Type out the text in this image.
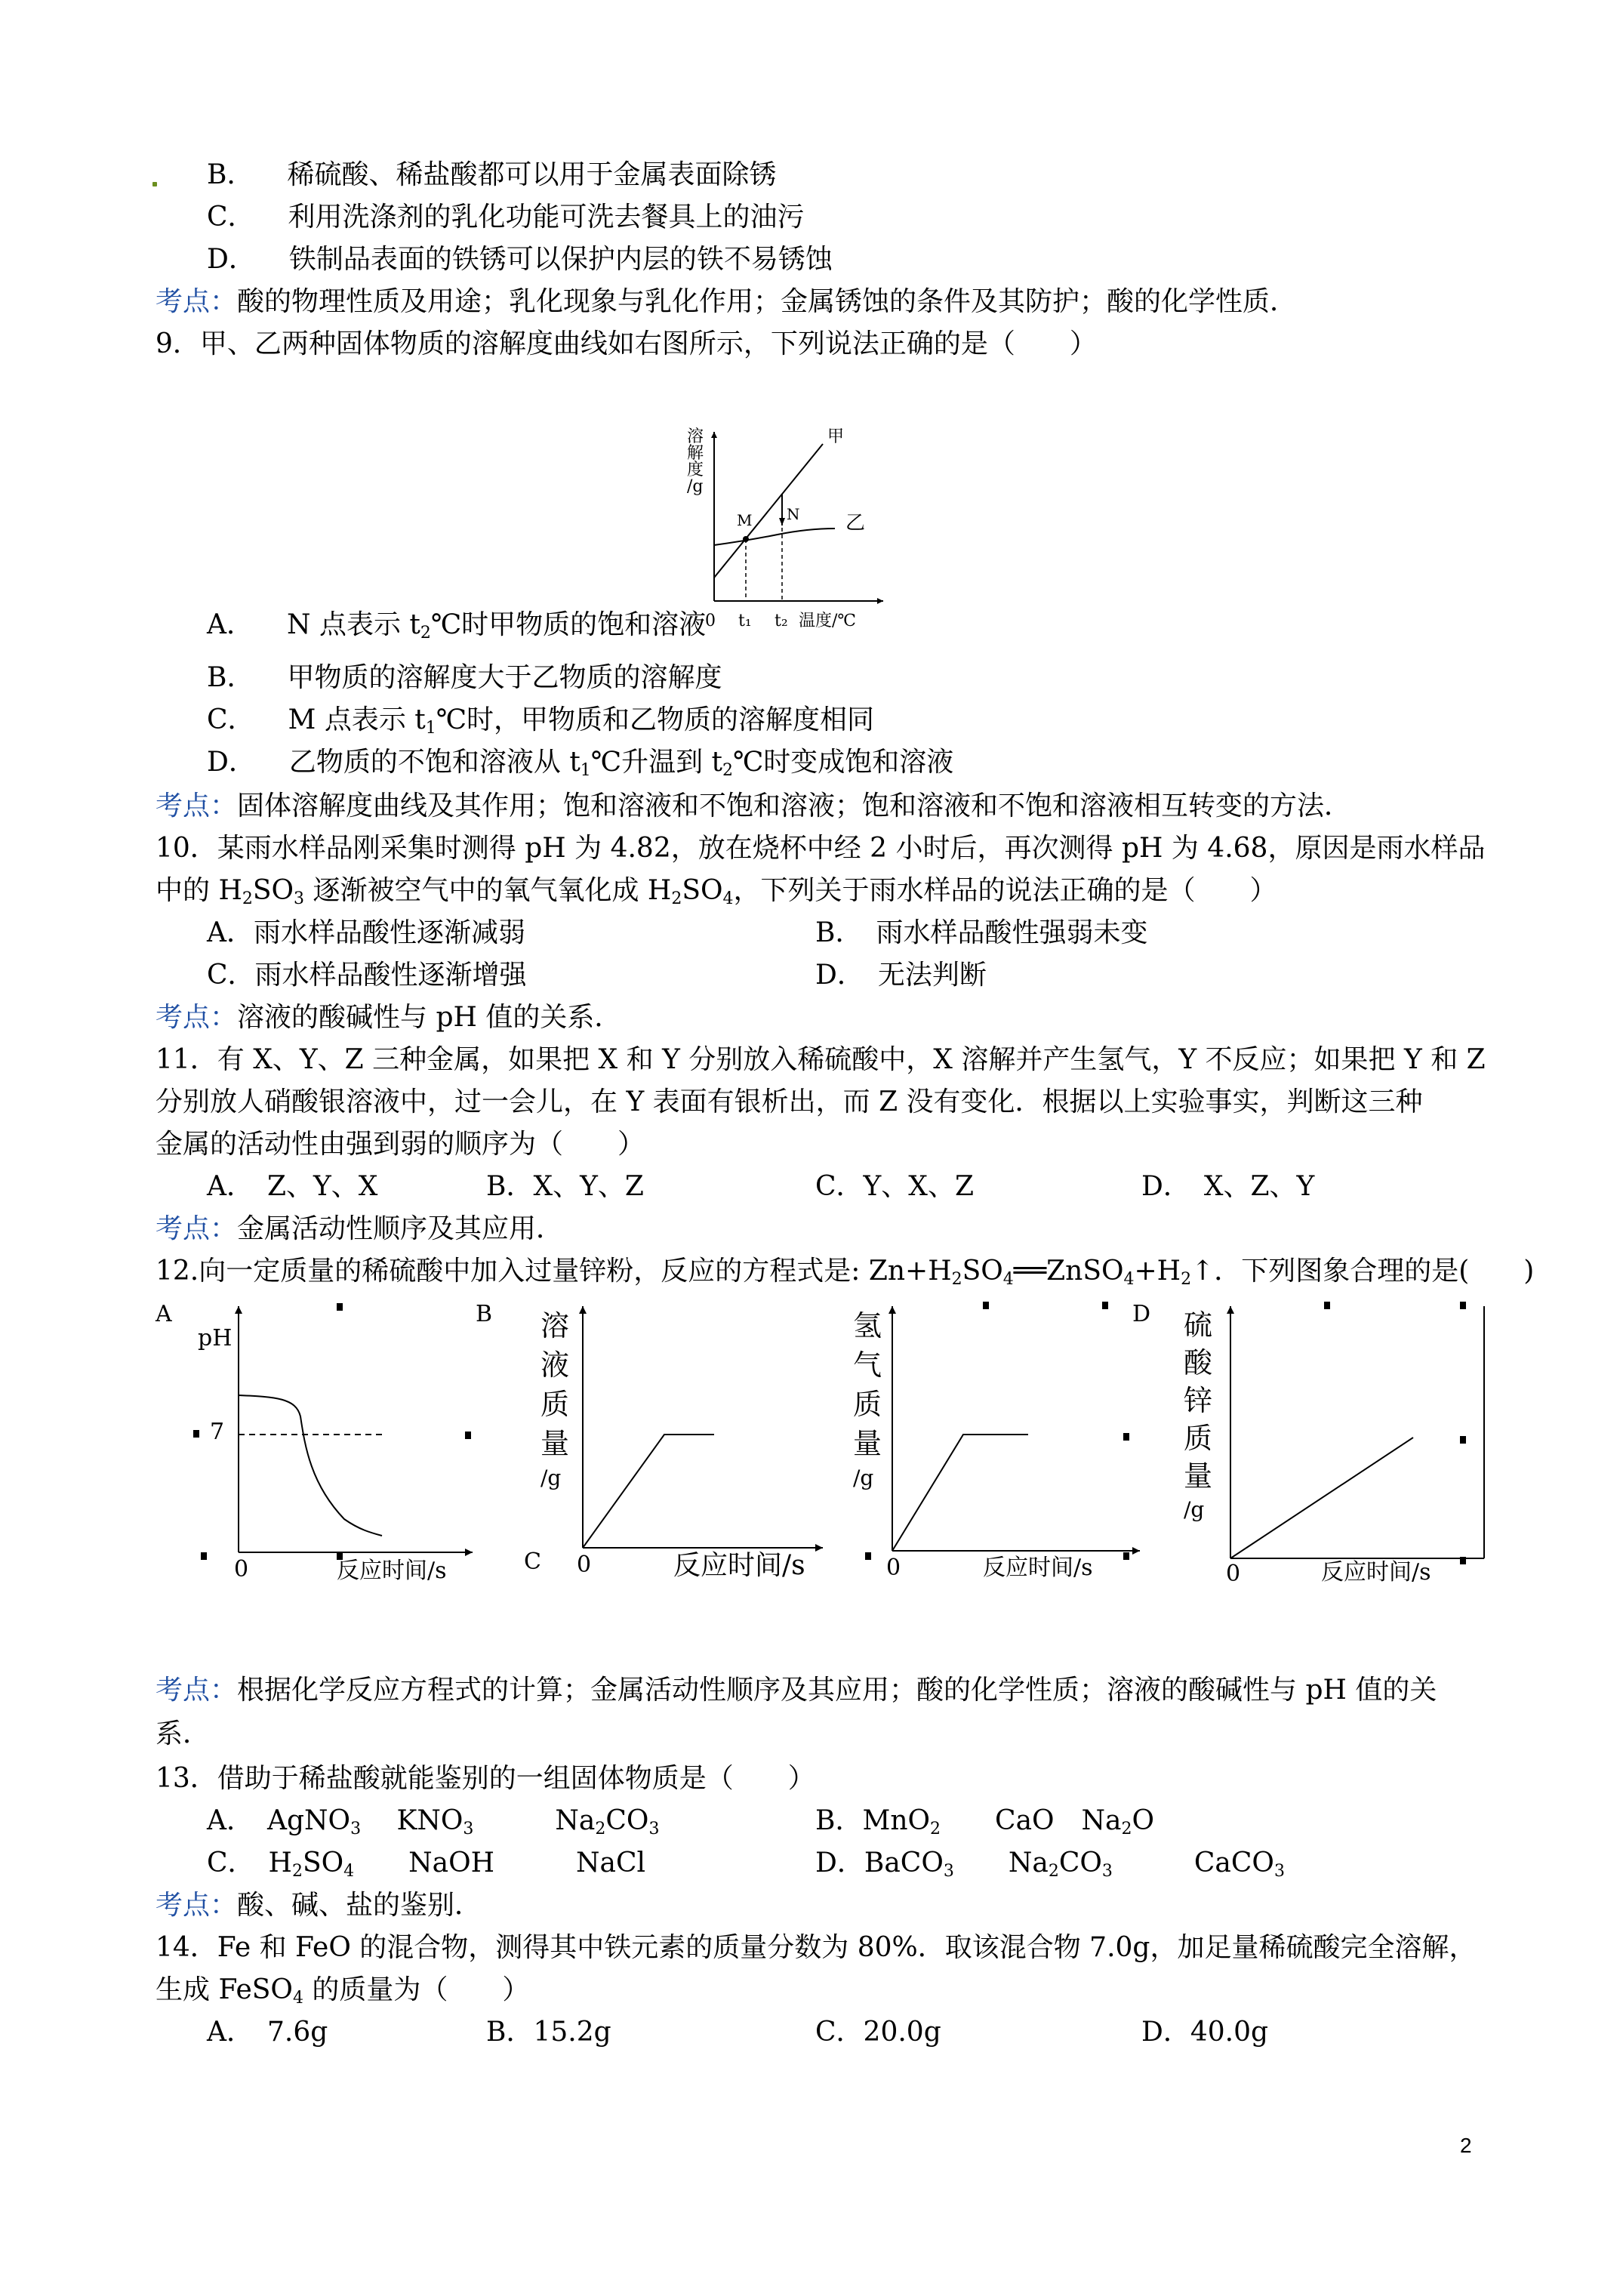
B． 稀硫酸、稀盐酸都可以用于金属表面除锈
C． 利用洗涤剂的乳化功能可洗去餐具上的油污
D． 铁制品表面的铁锈可以保护内层的铁不易锈蚀
考点：酸的物理性质及用途；乳化现象与乳化作用；金属锈蚀的条件及其防护；酸的化学性质．
9．甲、乙两种固体物质的溶解度曲线如右图所示，下列说法正确的是（　　）
溶
解
度
/g
甲
乙
M N
0 t₁ t₂ 温度/℃
A． N 点表示 $t_2℃$时甲物质的饱和溶液
B． 甲物质的溶解度大于乙物质的溶解度
C． M 点表示 $t_1℃$时，甲物质和乙物质的溶解度相同
D． 乙物质的不饱和溶液从 $t_1℃$升温到 $t_2℃$时变成饱和溶液
考点：固体溶解度曲线及其作用；饱和溶液和不饱和溶液；饱和溶液和不饱和溶液相互转变的方法．
10．某雨水样品刚采集时测得 pH 为 4.82，放在烧杯中经 2 小时后，再次测得 pH 为 4.68，原因是雨水样品
中的 $H_2SO_3$ 逐渐被空气中的氧气氧化成 $H_2SO_4$，下列关于雨水样品的说法正确的是（　　）
A．雨水样品酸性逐渐减弱	B．　雨水样品酸性强弱未变
C．雨水样品酸性逐渐增强	D．　无法判断
考点：溶液的酸碱性与 pH 值的关系．
11．有 X、Y、Z 三种金属，如果把 X 和 Y 分别放入稀硫酸中，X 溶解并产生氢气，Y 不反应；如果把 Y 和 Z
分别放人硝酸银溶液中，过一会儿，在 Y 表面有银析出，而 Z 没有变化．根据以上实验事实，判断这三种
金属的活动性由强到弱的顺序为（　　）
A．　Z、Y、X	B．X、Y、Z	C．Y、X、Z	D．　X、Z、Y
考点：金属活动性顺序及其应用．
12.向一定质量的稀硫酸中加入过量锌粉，反应的方程式是: $Zn+H_2SO_4══ZnSO_4+H_2↑$．下列图象合理的是(　　)
A
pH
7
0	反应时间/s
B 溶
液
质
量
/g
0	反应时间/s
C
氢
气
质
量
/g
0	反应时间/s
D 硫
酸
锌
质
量
/g
0	反应时间/s
考点：根据化学反应方程式的计算；金属活动性顺序及其应用；酸的化学性质；溶液的酸碱性与 pH 值的关系．
13．借助于稀盐酸就能鉴别的一组固体物质是（　　）
A．　AgNO$_3$　 $KNO_3$　　　$Na_2CO_3$	B．MnO$_2$　　CaO　$Na_2O$
C．　$H_2SO_4$　　NaOH　　　NaCl	D．BaCO$_3$　　$Na_2CO_3$　　　CaCO$_3$
考点：酸、碱、盐的鉴别．
14．Fe 和 FeO 的混合物，测得其中铁元素的质量分数为 80%．取该混合物 7.0g，加足量稀硫酸完全溶解，
生成 FeSO$_4$ 的质量为（　　）
A．　7.6g	B．15.2g	C．20.0g	D．40.0g
2
